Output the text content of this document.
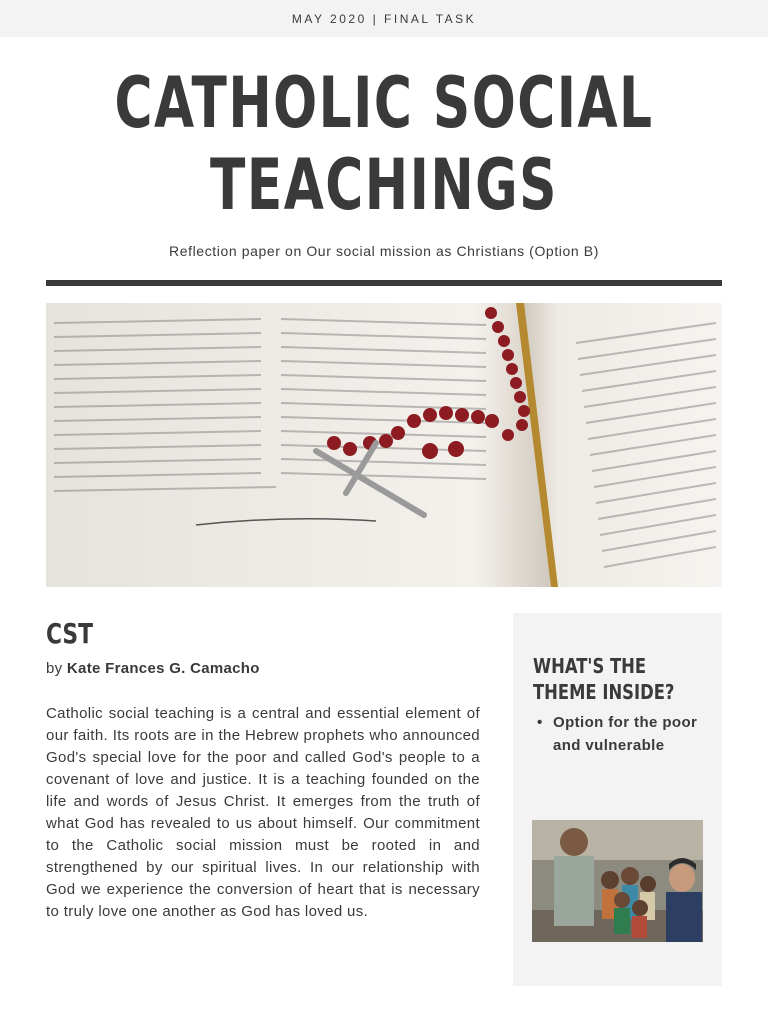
MAY 2020 | FINAL TASK
CATHOLIC SOCIAL
TEACHINGS
Reflection paper on Our social mission as Christians (Option B)
CST
by Kate Frances G. Camacho

Catholic social teaching is a central and essential element of our faith. Its roots are in the Hebrew prophets who announced God's special love for the poor and called God's people to a covenant of love and justice. It is a teaching founded on the life and words of Jesus Christ. It emerges from the truth of what God has revealed to us about himself. Our commitment to the Catholic social mission must be rooted in and strengthened by our spiritual lives. In our relationship with God we experience the conversion of heart that is necessary to truly love one another as God has loved us.

WHAT'S THE THEME INSIDE?
• Option for the poor and vulnerable
